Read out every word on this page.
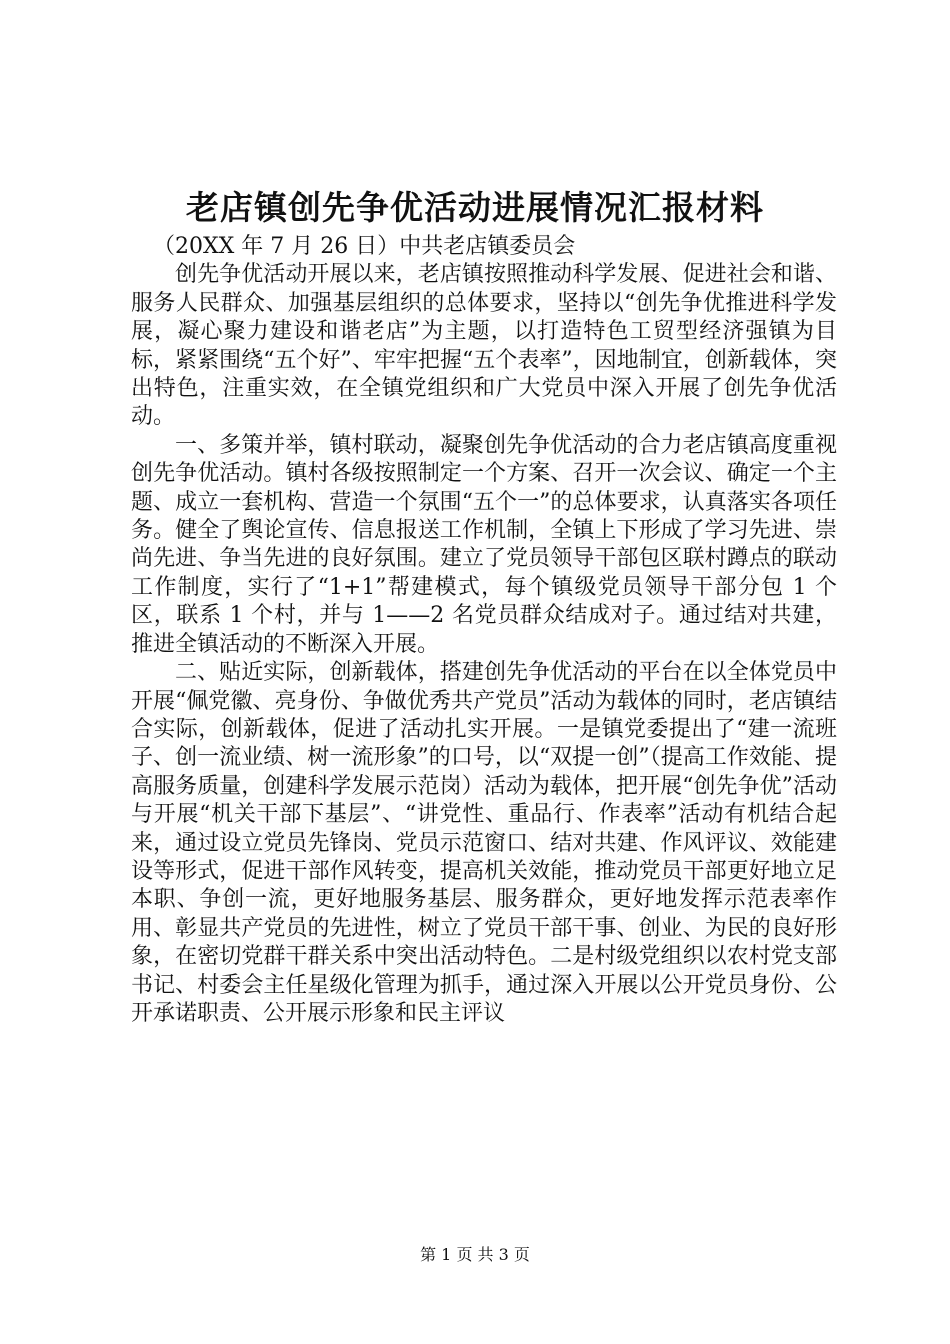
老店镇创先争优活动进展情况汇报材料

（20XX 年 7 月 26 日）中共老店镇委员会

创先争优活动开展以来，老店镇按照推动科学发展、促进社会和谐、服务人民群众、加强基层组织的总体要求，坚持以“创先争优推进科学发展，凝心聚力建设和谐老店”为主题，以打造特色工贸型经济强镇为目标，紧紧围绕“五个好”、牢牢把握“五个表率”，因地制宜，创新载体，突出特色，注重实效，在全镇党组织和广大党员中深入开展了创先争优活动。

一、多策并举，镇村联动，凝聚创先争优活动的合力老店镇高度重视创先争优活动。镇村各级按照制定一个方案、召开一次会议、确定一个主题、成立一套机构、营造一个氛围“五个一”的总体要求，认真落实各项任务。健全了舆论宣传、信息报送工作机制，全镇上下形成了学习先进、崇尚先进、争当先进的良好氛围。建立了党员领导干部包区联村蹲点的联动工作制度，实行了“1+1”帮建模式，每个镇级党员领导干部分包 1 个区，联系 1 个村，并与 1——2 名党员群众结成对子。通过结对共建，推进全镇活动的不断深入开展。

二、贴近实际，创新载体，搭建创先争优活动的平台在以全体党员中开展“佩党徽、亮身份、争做优秀共产党员”活动为载体的同时，老店镇结合实际，创新载体，促进了活动扎实开展。一是镇党委提出了“建一流班子、创一流业绩、树一流形象”的口号，以“双提一创”（提高工作效能、提高服务质量，创建科学发展示范岗）活动为载体，把开展“创先争优”活动与开展“机关干部下基层”、“讲党性、重品行、作表率”活动有机结合起来，通过设立党员先锋岗、党员示范窗口、结对共建、作风评议、效能建设等形式，促进干部作风转变，提高机关效能，推动党员干部更好地立足本职、争创一流，更好地服务基层、服务群众，更好地发挥示范表率作用、彰显共产党员的先进性，树立了党员干部干事、创业、为民的良好形象，在密切党群干群关系中突出活动特色。二是村级党组织以农村党支部书记、村委会主任星级化管理为抓手，通过深入开展以公开党员身份、公开承诺职责、公开展示形象和民主评议

第 1 页 共 3 页
